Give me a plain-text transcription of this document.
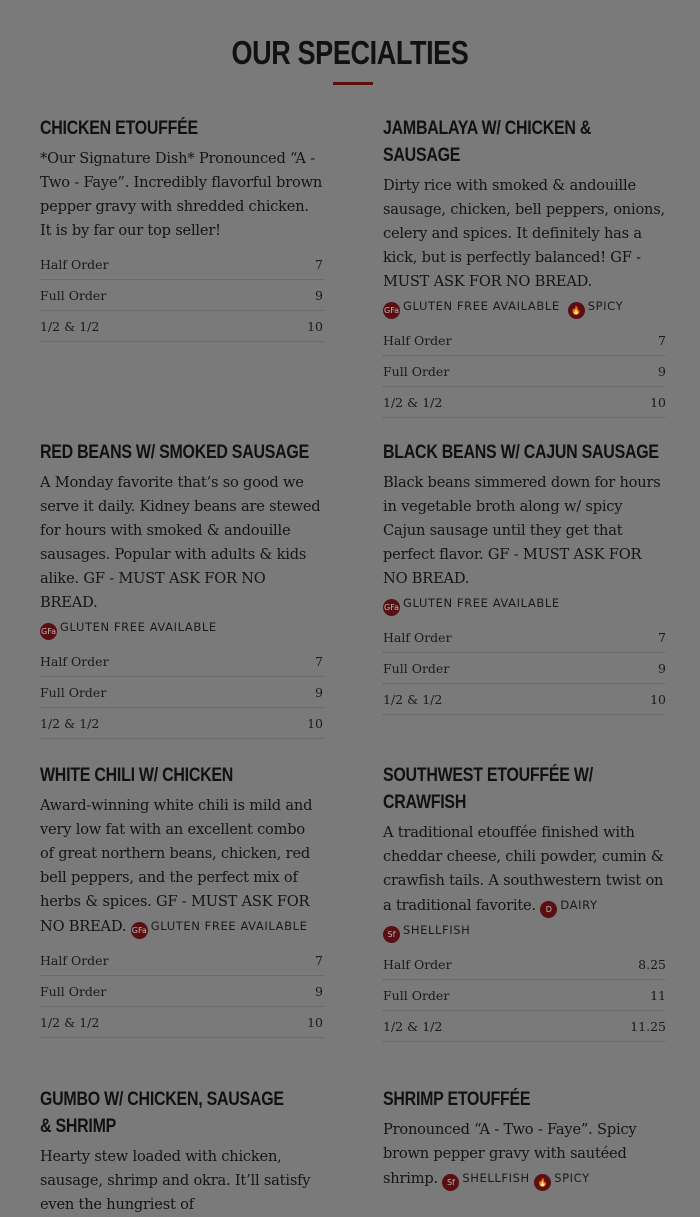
OUR SPECIALTIES
CHICKEN ETOUFFÉE

*Our Signature Dish* Pronounced “A - Two - Faye”. Incredibly flavorful brown pepper gravy with shredded chicken. It is by far our top seller!

Half Order	7
Full Order	9
1/2 & 1/2	10
JAMBALAYA W/ CHICKEN & SAUSAGE

Dirty rice with smoked & andouille sausage, chicken, bell peppers, onions, celery and spices. It definitely has a kick, but is perfectly balanced! GF - MUST ASK FOR NO BREAD.

GFa GLUTEN FREE AVAILABLE 🔥 SPICY
Half Order	7
Full Order	9
1/2 & 1/2	10
RED BEANS W/ SMOKED SAUSAGE

A Monday favorite that’s so good we serve it daily. Kidney beans are stewed for hours with smoked & andouille sausages. Popular with adults & kids alike. GF - MUST ASK FOR NO BREAD.

GFa GLUTEN FREE AVAILABLE
Half Order	7
Full Order	9
1/2 & 1/2	10
BLACK BEANS W/ CAJUN SAUSAGE

Black beans simmered down for hours in vegetable broth along w/ spicy Cajun sausage until they get that perfect flavor. GF - MUST ASK FOR NO BREAD.

GFa GLUTEN FREE AVAILABLE
Half Order	7
Full Order	9
1/2 & 1/2	10
WHITE CHILI W/ CHICKEN

Award-winning white chili is mild and very low fat with an excellent combo of great northern beans, chicken, red bell peppers, and the perfect mix of herbs & spices. GF - MUST ASK FOR NO BREAD. GFa GLUTEN FREE AVAILABLE

Half Order	7
Full Order	9
1/2 & 1/2	10
SOUTHWEST ETOUFFÉE W/ CRAWFISH

A traditional etouffée finished with cheddar cheese, chili powder, cumin & crawfish tails. A southwestern twist on a traditional favorite. D DAIRY Sf SHELLFISH

Half Order	8.25
Full Order	11
1/2 & 1/2	11.25
GUMBO W/ CHICKEN, SAUSAGE & SHRIMP

Hearty stew loaded with chicken, sausage, shrimp and okra. It’ll satisfy even the hungriest of

SHRIMP ETOUFFÉE

Pronounced “A - Two - Faye”. Spicy brown pepper gravy with sautéed shrimp. Sf SHELLFISH 🔥 SPICY
